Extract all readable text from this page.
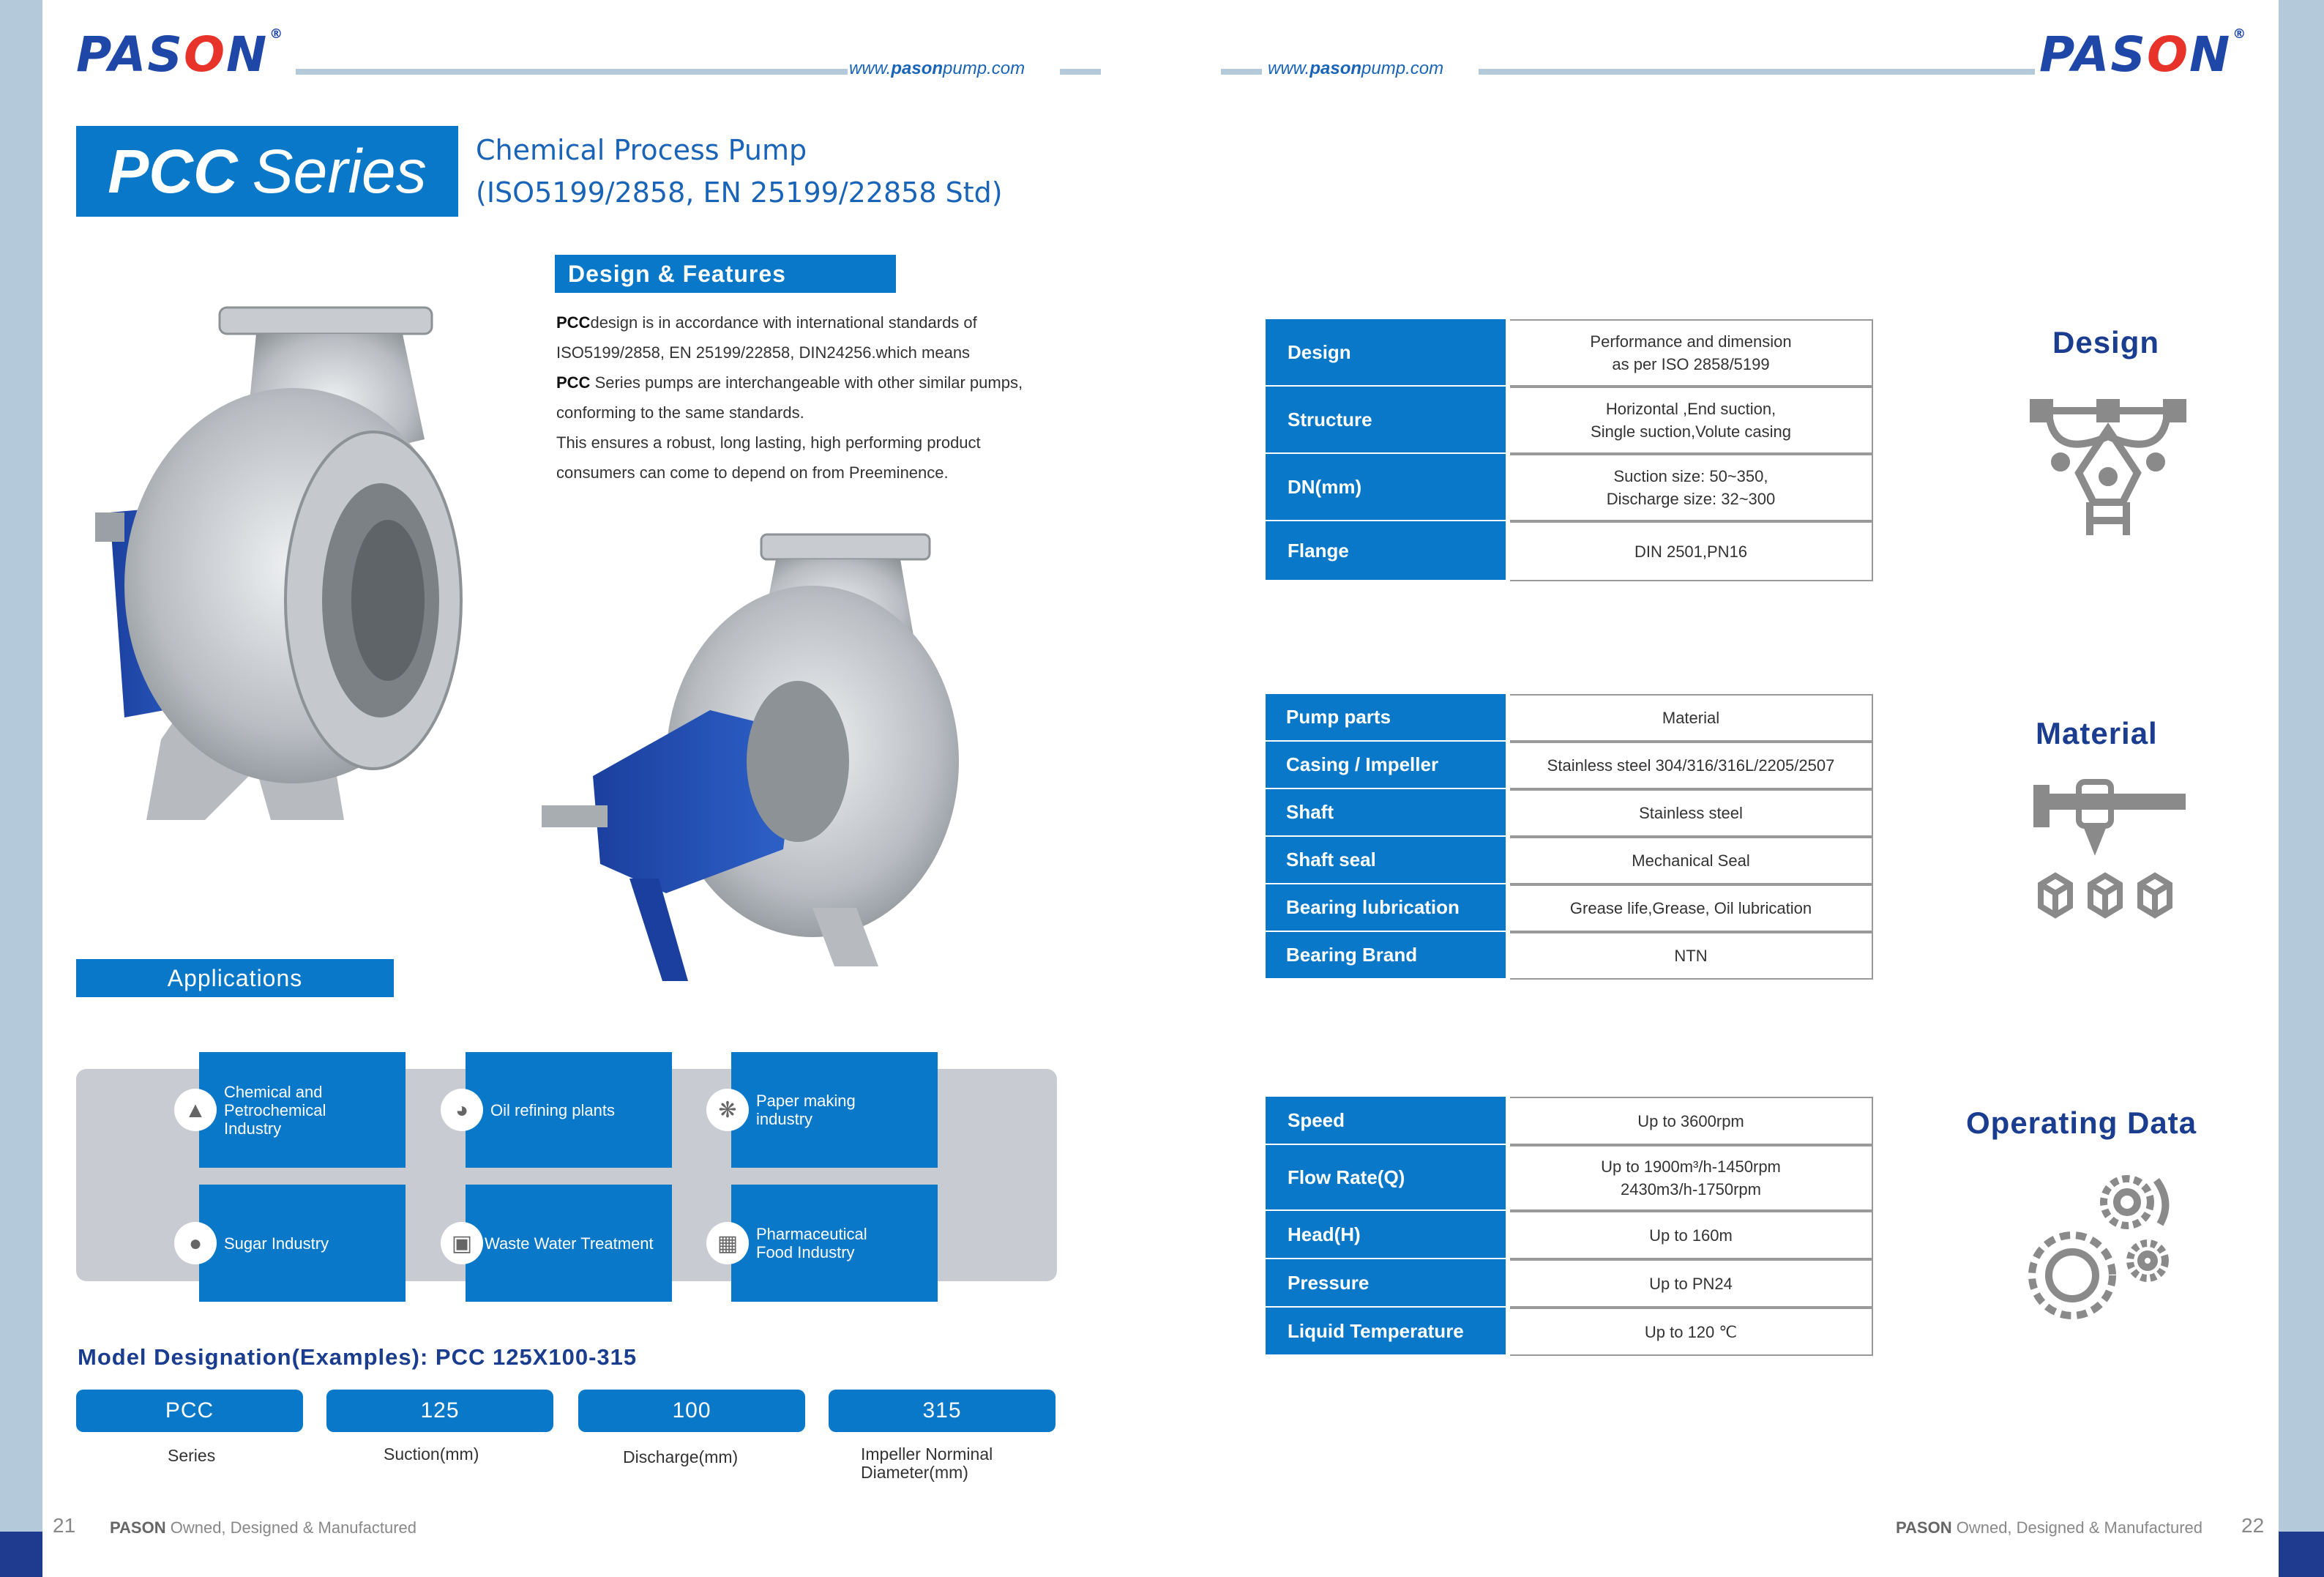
PASON ®
www.pasonpump.com	www.pasonpump.com	PASON ®
PCC Series Chemical Process Pump
(ISO5199/2858, EN 25199/22858 Std)
Design & Features
PCCdesign is in accordance with international standards of ISO5199/2858, EN 25199/22858, DIN24256.which means
PCC Series pumps are interchangeable with other similar pumps, conforming to the same standards.
This ensures a robust, long lasting, high performing product consumers can come to depend on from Preeminence.
Applications
▲
Chemical and Petrochemical Industry
◕	Oil refining plants	❋	Paper making industry
●	Sugar Industry	▣ Waste Water Treatment	▦	Pharmaceutical Food Industry
Model Designation(Examples): PCC 125X100-315
PCC	125	100	315
Series	Suction(mm)	Discharge(mm)	Impeller Norminal Diameter(mm)
21 PASON Owned, Designed & Manufactured	PASON Owned, Designed & Manufactured 22
Design		Performance and dimension
as per ISO 2858/5199
Structure		Horizontal ,End suction,
Single suction,Volute casing
DN(mm)		Suction size: 50~350,
Discharge size: 32~300
Flange		DIN 2501,PN16
Pump parts		Material
Casing / Impeller		Stainless steel 304/316/316L/2205/2507
Shaft		Stainless steel
Shaft seal		Mechanical Seal
Bearing lubrication		Grease life,Grease, Oil lubrication
Bearing Brand		NTN
Speed		Up to 3600rpm
Flow Rate(Q)		Up to 1900m³/h-1450rpm
2430m3/h-1750rpm
Head(H)		Up to 160m
Pressure		Up to PN24
Liquid Temperature		Up to 120 ℃
Design
Material
Operating Data
